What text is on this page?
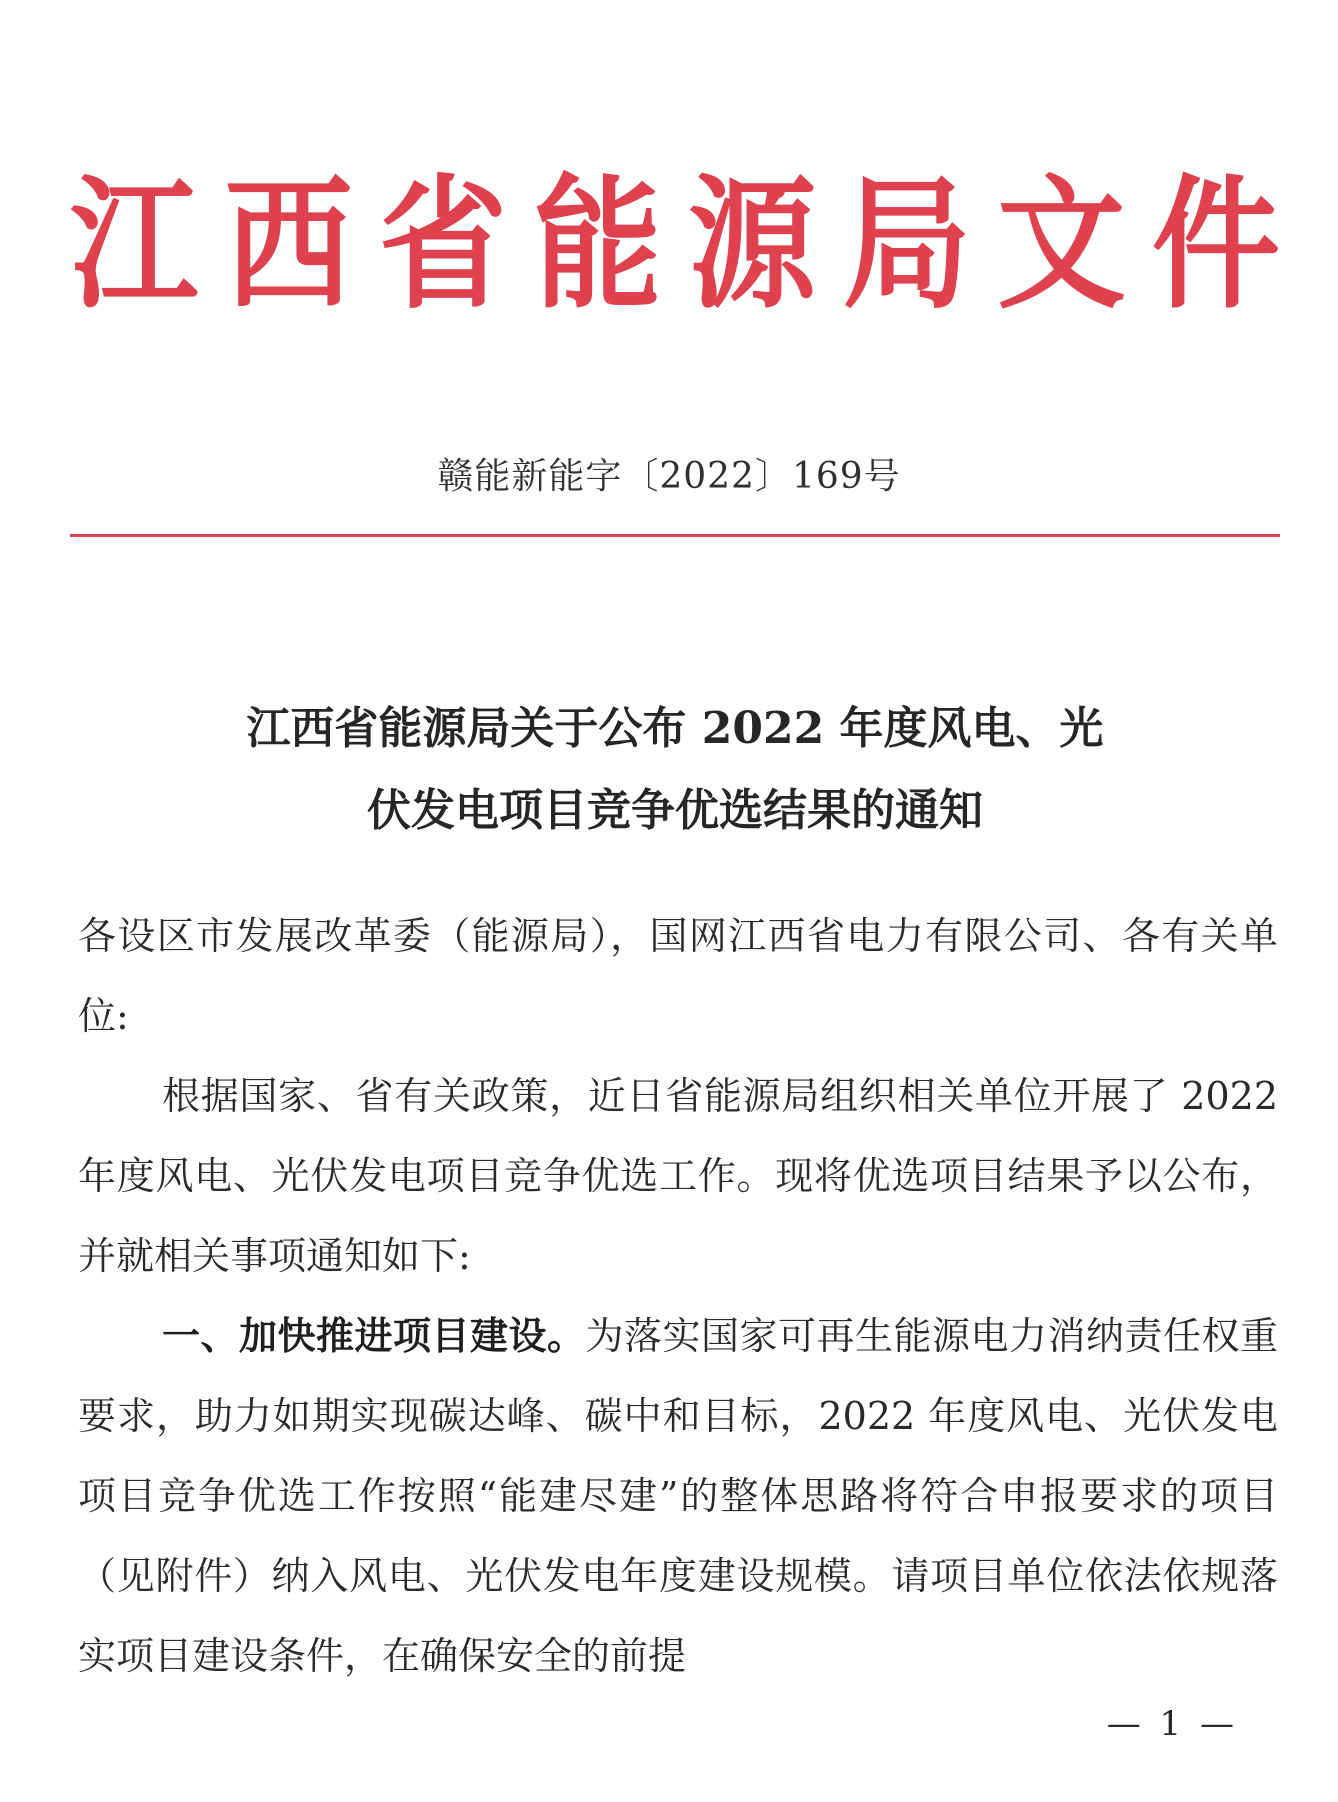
江 西 省 能 源 局 文 件
赣能新能字〔2022〕169号
江西省能源局关于公布 2022 年度风电、光
伏发电项目竞争优选结果的通知

各设区市发展改革委（能源局），国网江西省电力有限公司、各有关单位:

根据国家、省有关政策，近日省能源局组织相关单位开展了 2022 年度风电、光伏发电项目竞争优选工作。现将优选项目结果予以公布，并就相关事项通知如下:

一、加快推进项目建设。为落实国家可再生能源电力消纳责任权重要求，助力如期实现碳达峰、碳中和目标，2022 年度风电、光伏发电项目竞争优选工作按照“能建尽建”的整体思路将符合申报要求的项目（见附件）纳入风电、光伏发电年度建设规模。请项目单位依法依规落实项目建设条件，在确保安全的前提

— 1 —
